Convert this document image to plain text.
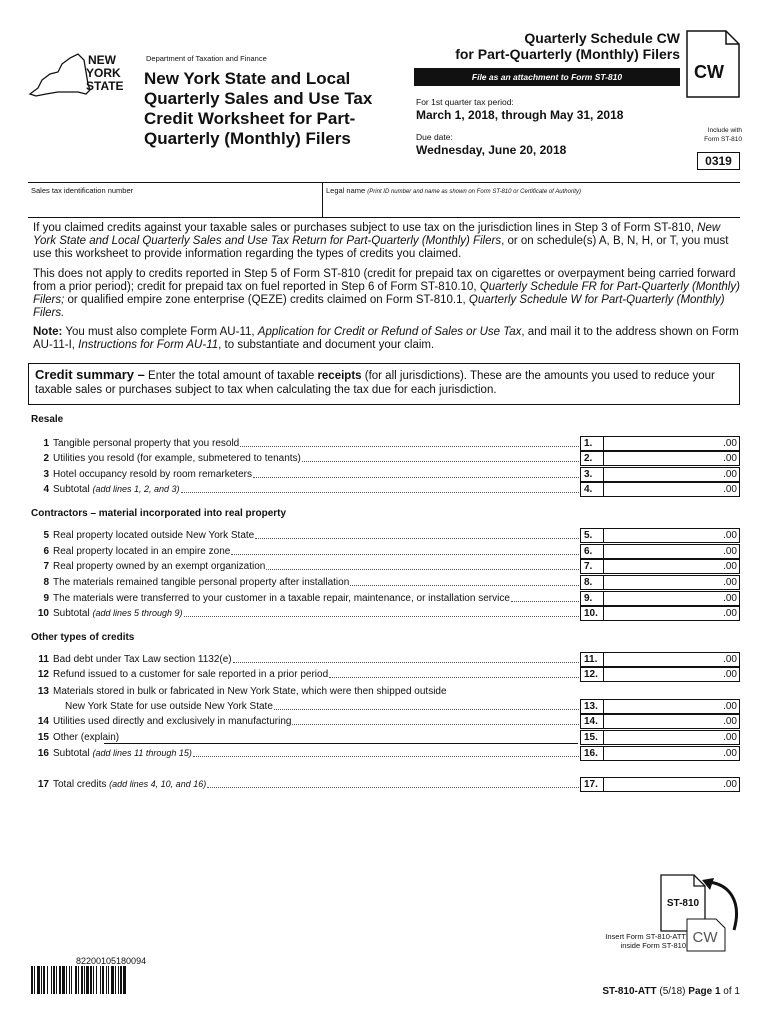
NEW
YORK
STATE
Department of Taxation and Finance
New York State and Local Quarterly Sales and Use Tax Credit Worksheet for Part-Quarterly (Monthly) Filers
Quarterly Schedule CW
for Part-Quarterly (Monthly) Filers
File as an attachment to Form ST-810
For 1st quarter tax period:
March 1, 2018, through May 31, 2018
Due date:
Wednesday, June 20, 2018
CW
Include with
Form ST-810
0319
Sales tax identification number	Legal name (Print ID number and name as shown on Form ST-810 or Certificate of Authority)
If you claimed credits against your taxable sales or purchases subject to use tax on the jurisdiction lines in Step 3 of Form ST-810, New York State and Local Quarterly Sales and Use Tax Return for Part-Quarterly (Monthly) Filers, or on schedule(s) A, B, N, H, or T, you must use this worksheet to provide information regarding the types of credits you claimed.
This does not apply to credits reported in Step 5 of Form ST-810 (credit for prepaid tax on cigarettes or overpayment being carried forward from a prior period); credit for prepaid tax on fuel reported in Step 6 of Form ST-810.10, Quarterly Schedule FR for Part-Quarterly (Monthly) Filers; or qualified empire zone enterprise (QEZE) credits claimed on Form ST-810.1, Quarterly Schedule W for Part-Quarterly (Monthly) Filers.
Note: You must also complete Form AU-11, Application for Credit or Refund of Sales or Use Tax, and mail it to the address shown on Form AU-11-I, Instructions for Form AU-11, to substantiate and document your claim.
Credit summary – Enter the total amount of taxable receipts (for all jurisdictions). These are the amounts you used to reduce your taxable sales or purchases subject to tax when calculating the tax due for each jurisdiction.
Resale
Contractors – material incorporated into real property
Other types of credits
1 Tangible personal property that you resold	1.	.00
2 Utilities you resold (for example, submetered to tenants)	2.	.00
3 Hotel occupancy resold by room remarketers	3.	.00
4 Subtotal (add lines 1, 2, and 3)	4.	.00
5 Real property located outside New York State	5.	.00
6 Real property located in an empire zone	6.	.00
7 Real property owned by an exempt organization	7.	.00
8 The materials remained tangible personal property after installation	8.	.00
9 The materials were transferred to your customer in a taxable repair, maintenance, or installation service	9.	.00
10 Subtotal (add lines 5 through 9)	10.	.00
11 Bad debt under Tax Law section 1132(e)	11.	.00
12 Refund issued to a customer for sale reported in a prior period	12.	.00
13 Materials stored in bulk or fabricated in New York State, which were then shipped outside
New York State for use outside New York State	13.	.00
14 Utilities used directly and exclusively in manufacturing	14.	.00
15 Other (explain)	15.	.00
16 Subtotal (add lines 11 through 15)	16.	.00
17 Total credits (add lines 4, 10, and 16)	17.	.00
ST-810
CW
Insert Form ST-810-ATT
inside Form ST-810
82200105180094
ST-810-ATT (5/18) Page 1 of 1
